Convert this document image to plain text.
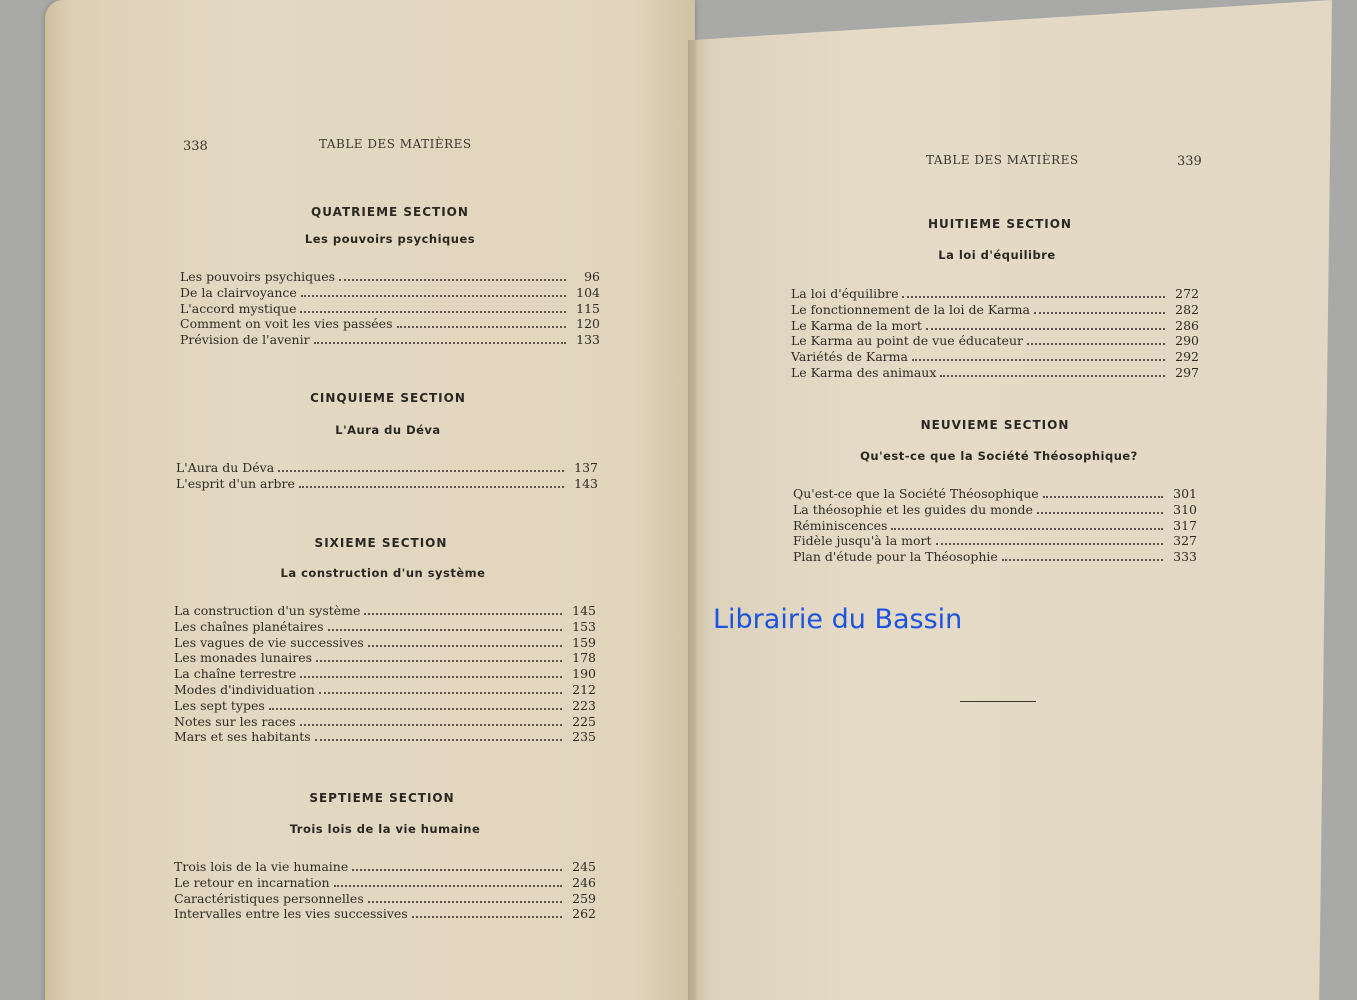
338	TABLE DES MATIÈRES
QUATRIEME SECTION
Les pouvoirs psychiques
Les pouvoirs psychiques	96
De la clairvoyance	104
L'accord mystique	115
Comment on voit les vies passées	120
Prévision de l'avenir	133
CINQUIEME SECTION
L'Aura du Déva
L'Aura du Déva	137
L'esprit d'un arbre	143
SIXIEME SECTION
La construction d'un système
La construction d'un système	145
Les chaînes planétaires	153
Les vagues de vie successives	159
Les monades lunaires	178
La chaîne terrestre	190
Modes d'individuation	212
Les sept types	223
Notes sur les races	225
Mars et ses habitants	235
SEPTIEME SECTION
Trois lois de la vie humaine
Trois lois de la vie humaine	245
Le retour en incarnation	246
Caractéristiques personnelles	259
Intervalles entre les vies successives	262
TABLE DES MATIÈRES	339
HUITIEME SECTION
La loi d'équilibre
La loi d'équilibre	272
Le fonctionnement de la loi de Karma	282
Le Karma de la mort	286
Le Karma au point de vue éducateur	290
Variétés de Karma	292
Le Karma des animaux	297
NEUVIEME SECTION
Qu'est-ce que la Société Théosophique?
Qu'est-ce que la Société Théosophique	301
La théosophie et les guides du monde	310
Réminiscences	317
Fidèle jusqu'à la mort	327
Plan d'étude pour la Théosophie	333
Librairie du Bassin
